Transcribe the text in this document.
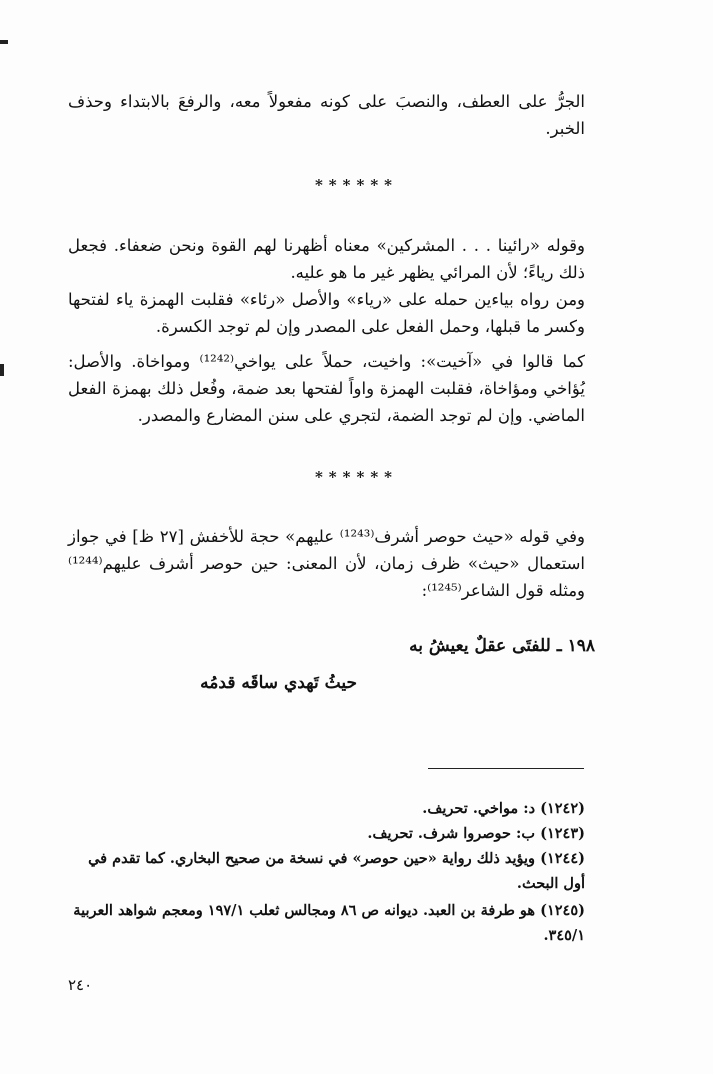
الجرُّ على العطف، والنصبَ على كونه مفعولاً معه، والرفعَ بالابتداء وحذف الخبر.
******
وقوله «رائينا . . . المشركين» معناه أظهرنا لهم القوة ونحن ضعفاء. فجعل ذلك رياءً؛ لأن المرائي يظهر غير ما هو عليه.
ومن رواه بياءين حمله على «رياء» والأصل «رئاء» فقلبت الهمزة ياء لفتحها وكسر ما قبلها، وحمل الفعل على المصدر وإن لم توجد الكسرة.
كما قالوا في «آخيت»: واخيت، حملاً على يواخي⁽¹²⁴²⁾ ومواخاة. والأصل: يُؤاخي ومؤاخاة، فقلبت الهمزة واواً لفتحها بعد ضمة، وفُعل ذلك بهمزة الفعل الماضي. وإن لم توجد الضمة، لتجري على سنن المضارع والمصدر.
******
وفي قوله «حيث حوصر أشرف⁽¹²⁴³⁾ عليهم» حجة للأخفش [٢٧ ظ] في جواز استعمال «حيث» ظرف زمان، لأن المعنى: حين حوصر أشرف عليهم⁽¹²⁴⁴⁾ ومثله قول الشاعر⁽¹²⁴⁵⁾:
١٩٨ ـ للفتَى عقلٌ يعيشُ به
حيثُ تَهدي ساقَه قدمُه
(١٢٤٢) د: مواخي. تحريف.
(١٢٤٣) ب: حوصروا شرف. تحريف.
(١٢٤٤) ويؤيد ذلك رواية «حين حوصر» في نسخة من صحيح البخاري. كما تقدم في أول البحث.
(١٢٤٥) هو طرفة بن العبد. ديوانه ص ٨٦ ومجالس ثعلب ١٩٧/١ ومعجم شواهد العربية ٣٤٥/١.
٢٤٠
